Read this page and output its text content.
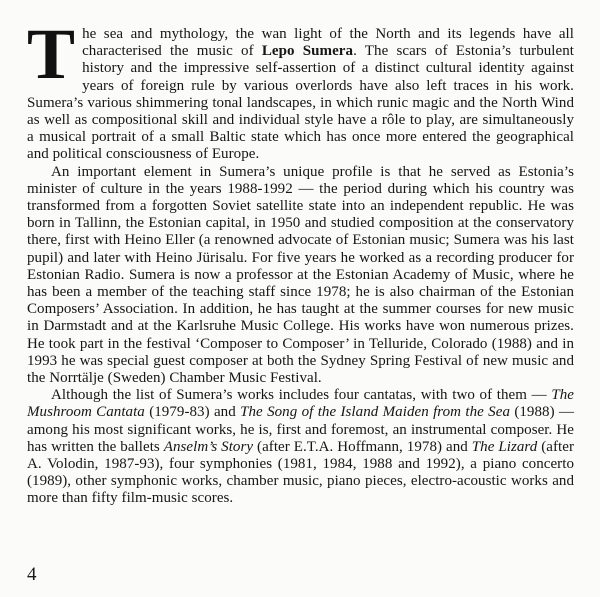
The sea and mythology, the wan light of the North and its legends have all characterised the music of Lepo Sumera. The scars of Estonia’s turbulent history and the impressive self-assertion of a distinct cultural identity against years of foreign rule by various overlords have also left traces in his work. Sumera’s various shimmering tonal landscapes, in which runic magic and the North Wind as well as compositional skill and individual style have a rôle to play, are simultaneously a musical portrait of a small Baltic state which has once more entered the geographical and political consciousness of Europe.

An important element in Sumera’s unique profile is that he served as Estonia’s minister of culture in the years 1988-1992 — the period during which his country was transformed from a forgotten Soviet satellite state into an independent republic. He was born in Tallinn, the Estonian capital, in 1950 and studied composition at the conservatory there, first with Heino Eller (a renowned advocate of Estonian music; Sumera was his last pupil) and later with Heino Jürisalu. For five years he worked as a recording producer for Estonian Radio. Sumera is now a professor at the Estonian Academy of Music, where he has been a member of the teaching staff since 1978; he is also chairman of the Estonian Composers’ Association. In addition, he has taught at the summer courses for new music in Darmstadt and at the Karlsruhe Music College. His works have won numerous prizes. He took part in the festival ‘Composer to Composer’ in Telluride, Colorado (1988) and in 1993 he was special guest composer at both the Sydney Spring Festival of new music and the Norrtälje (Sweden) Chamber Music Festival.

Although the list of Sumera’s works includes four cantatas, with two of them — The Mushroom Cantata (1979-83) and The Song of the Island Maiden from the Sea (1988) — among his most significant works, he is, first and foremost, an instrumental composer. He has written the ballets Anselm’s Story (after E.T.A. Hoffmann, 1978) and The Lizard (after A. Volodin, 1987-93), four symphonies (1981, 1984, 1988 and 1992), a piano concerto (1989), other symphonic works, chamber music, piano pieces, electro-acoustic works and more than fifty film-music scores.

4
